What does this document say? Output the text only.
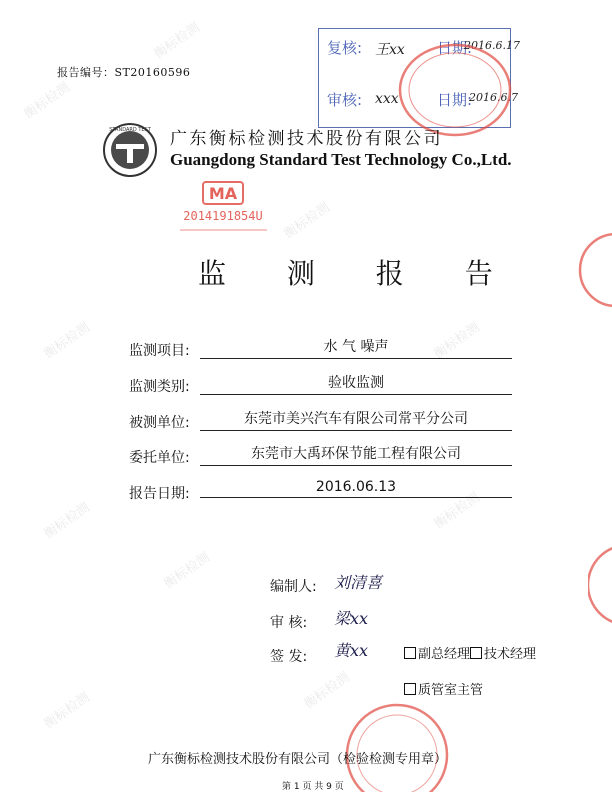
衡标检测
衡标检测
衡标检测
衡标检测
衡标检测
衡标检测
衡标检测
衡标检测
衡标检测
衡标检测
报告编号：ST20160596
复核: 王xx 日期:
2016.6.17
审核: xxx	日期:
2016.6.7
STANDARD TEST 广东衡标检测技术股份有限公司
Guangdong Standard Test Technology Co.,Ltd.
MA
2014191854U
监 测 报 告
监测项目:	水 气 噪声
监测类别:	验收监测
被测单位:	东莞市美兴汽车有限公司常平分公司
委托单位:	东莞市大禹环保节能工程有限公司
报告日期:	2016.06.13
编制人: 刘清喜
审 核: 梁xx
签 发: 黄xx	副总经理 技术经理
质管室主管
广东衡标检测技术股份有限公司（检验检测专用章）
第 1 页 共 9 页
